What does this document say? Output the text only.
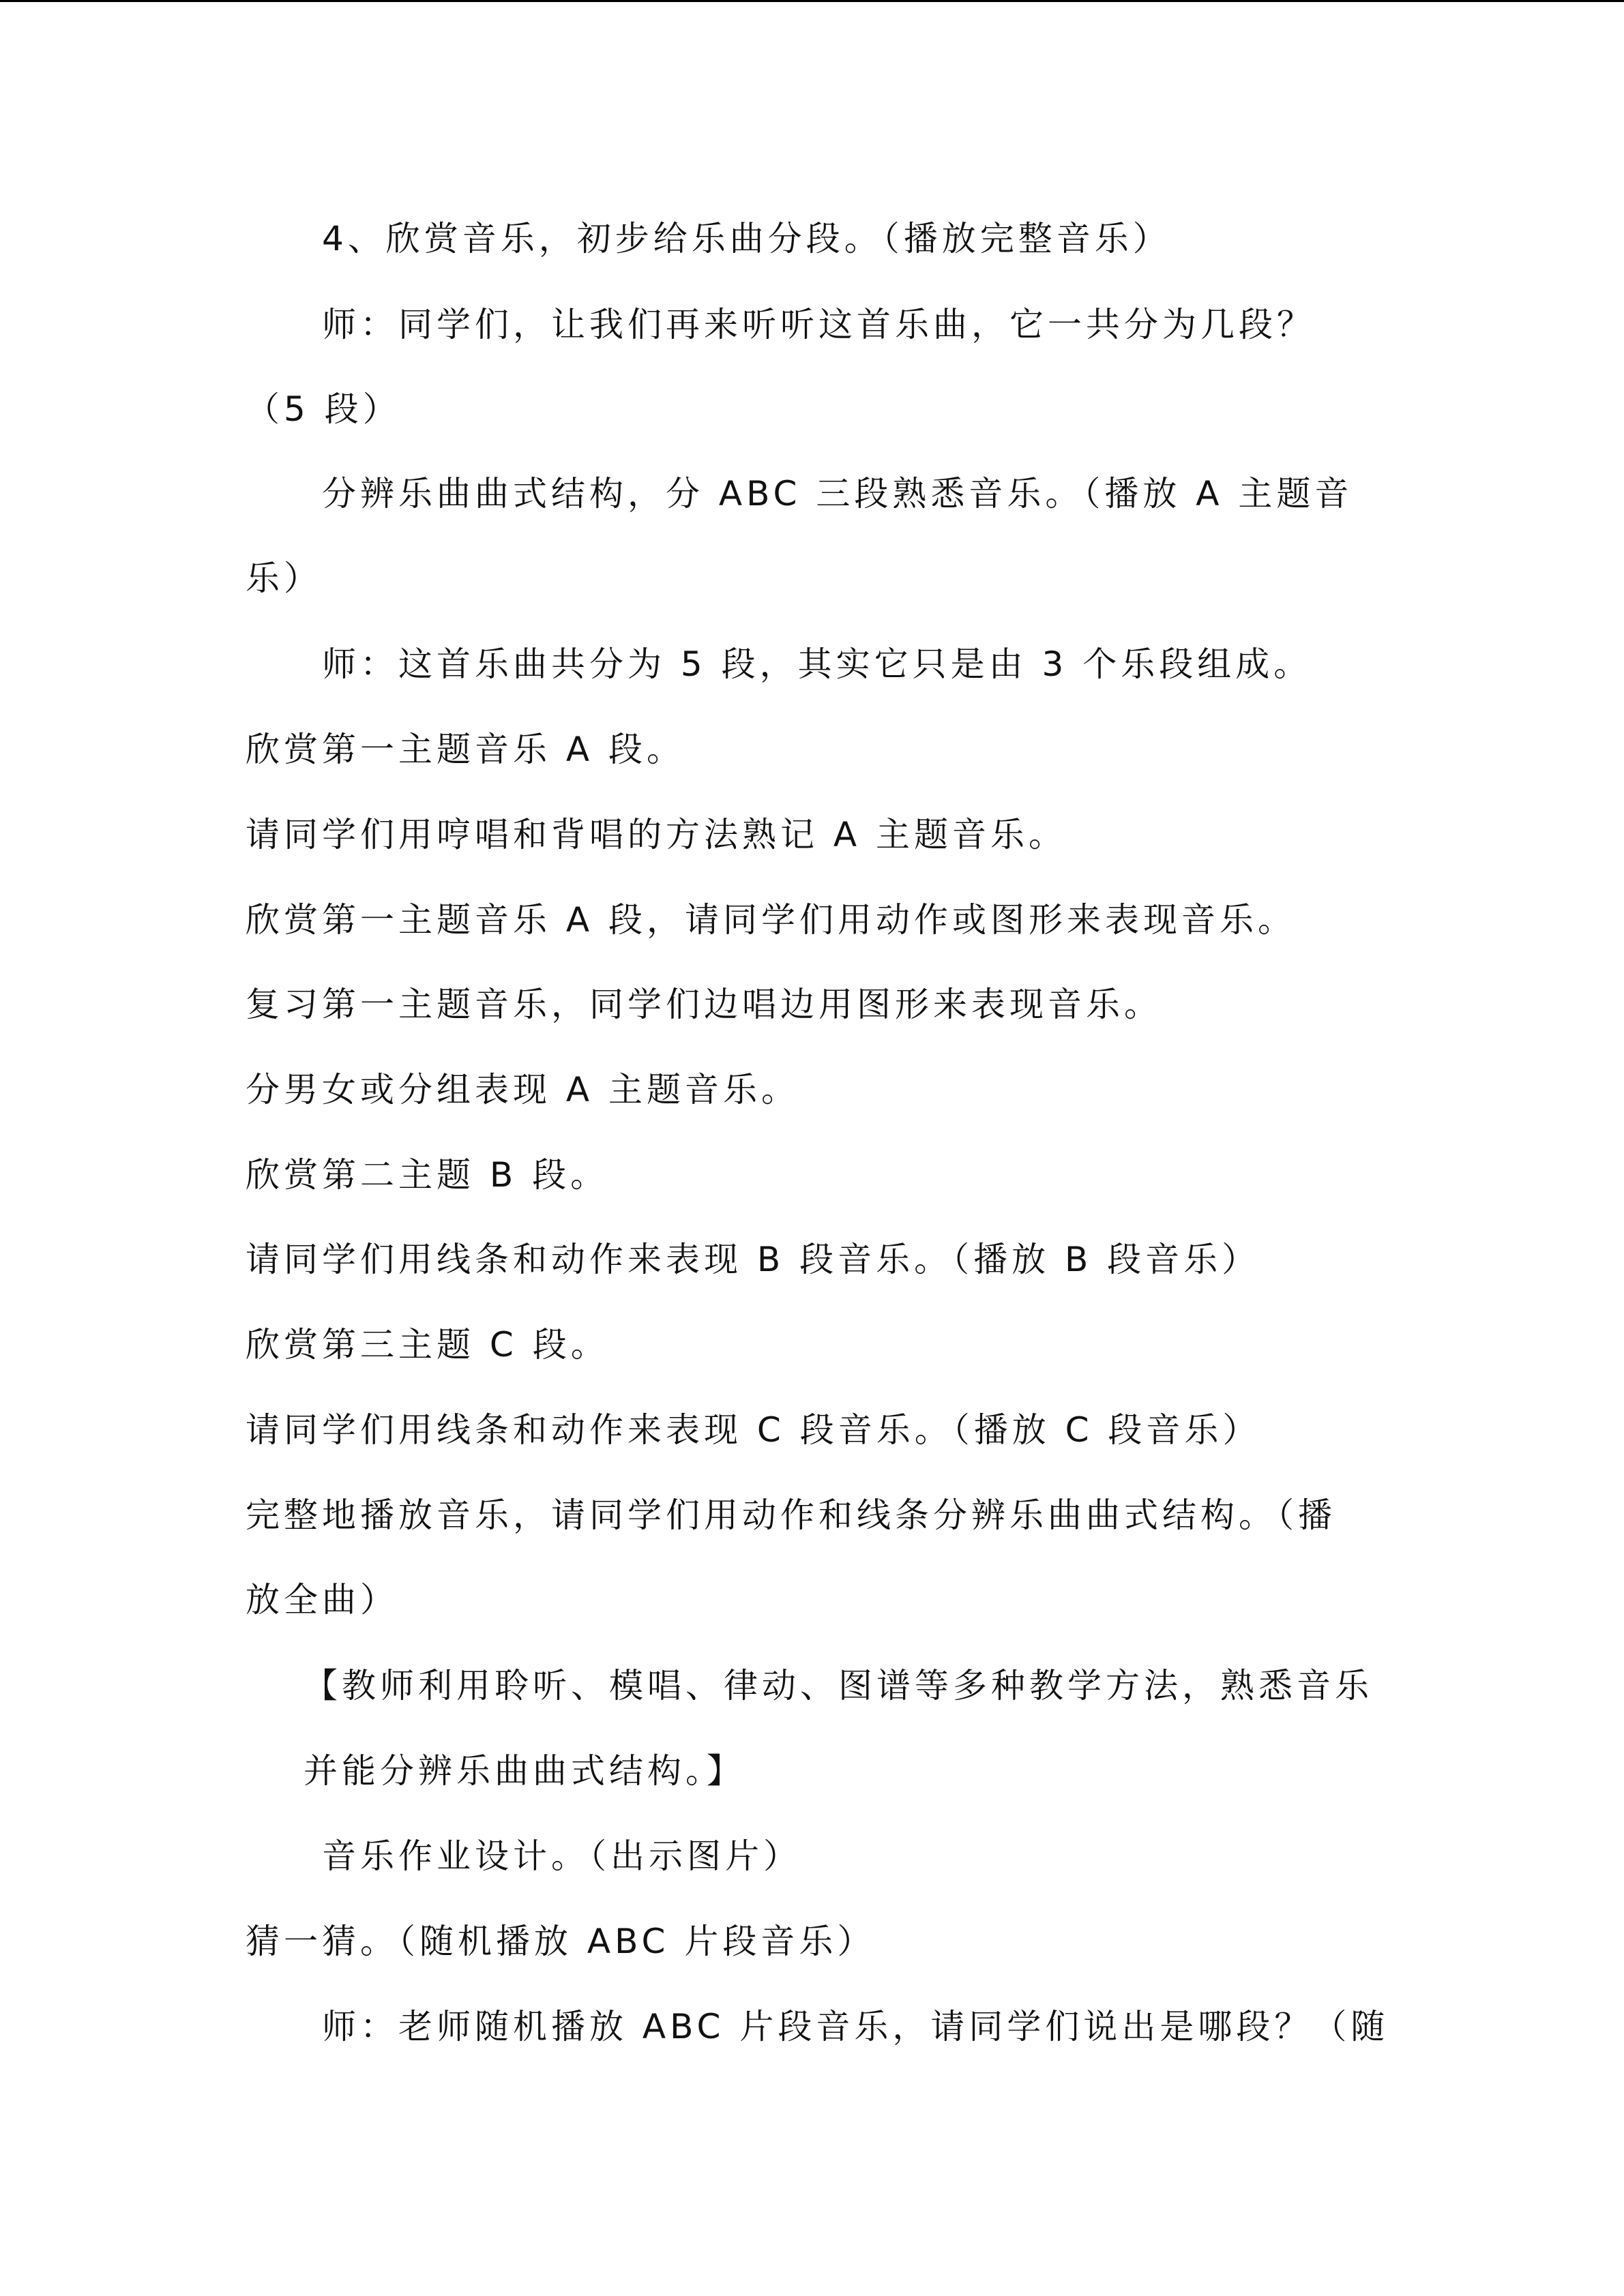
4、欣赏音乐，初步给乐曲分段。（播放完整音乐）
师：同学们，让我们再来听听这首乐曲，它一共分为几段？
（5 段）
分辨乐曲曲式结构，分 ABC 三段熟悉音乐。（播放 A 主题音
乐）
师：这首乐曲共分为 5 段，其实它只是由 3 个乐段组成。
欣赏第一主题音乐 A 段。
请同学们用哼唱和背唱的方法熟记 A 主题音乐。
欣赏第一主题音乐 A 段，请同学们用动作或图形来表现音乐。
复习第一主题音乐，同学们边唱边用图形来表现音乐。
分男女或分组表现 A 主题音乐。
欣赏第二主题 B 段。
请同学们用线条和动作来表现 B 段音乐。（播放 B 段音乐）
欣赏第三主题 C 段。
请同学们用线条和动作来表现 C 段音乐。（播放 C 段音乐）
完整地播放音乐，请同学们用动作和线条分辨乐曲曲式结构。（播
放全曲）
【教师利用聆听、模唱、律动、图谱等多种教学方法，熟悉音乐
并能分辨乐曲曲式结构。】
音乐作业设计。（出示图片）
猜一猜。（随机播放 ABC 片段音乐）
师：老师随机播放 ABC 片段音乐，请同学们说出是哪段？（随
